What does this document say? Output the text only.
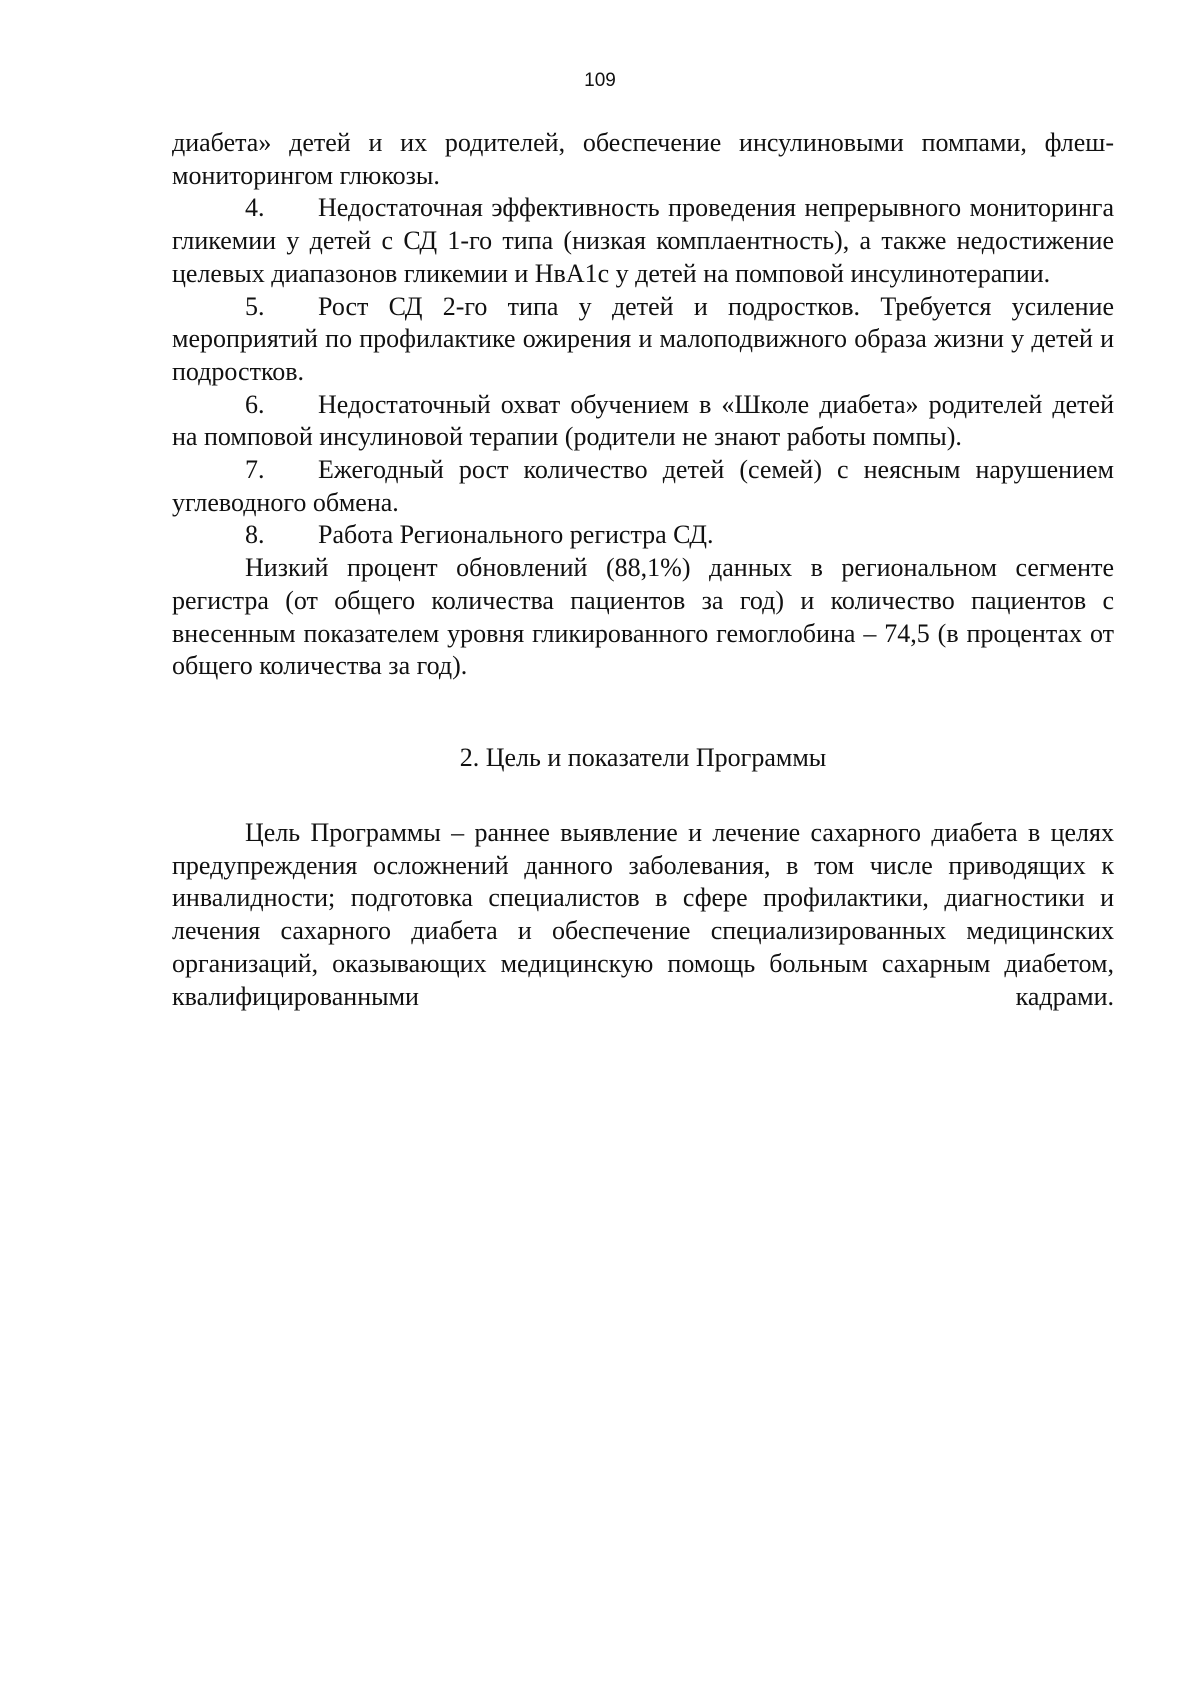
109

диабета» детей и их родителей, обеспечение инсулиновыми помпами, флеш-мониторингом глюкозы.

4. Недостаточная эффективность проведения непрерывного мониторинга гликемии у детей с СД 1-го типа (низкая комплаентность), а также недостижение целевых диапазонов гликемии и НвА1с у детей на помповой инсулинотерапии.

5. Рост СД 2-го типа у детей и подростков. Требуется усиление мероприятий по профилактике ожирения и малоподвижного образа жизни у детей и подростков.

6. Недостаточный охват обучением в «Школе диабета» родителей детей на помповой инсулиновой терапии (родители не знают работы помпы).

7. Ежегодный рост количество детей (семей) с неясным нарушением углеводного обмена.

8. Работа Регионального регистра СД.

Низкий процент обновлений (88,1%) данных в региональном сегменте регистра (от общего количества пациентов за год) и количество пациентов с внесенным показателем уровня гликированного гемоглобина – 74,5 (в процентах от общего количества за год).

2. Цель и показатели Программы

Цель Программы – раннее выявление и лечение сахарного диабета в целях предупреждения осложнений данного заболевания, в том числе приводящих к инвалидности; подготовка специалистов в сфере профилактики, диагностики и лечения сахарного диабета и обеспечение специализированных медицинских организаций, оказывающих медицинскую помощь больным сахарным диабетом, квалифицированными кадрами.
